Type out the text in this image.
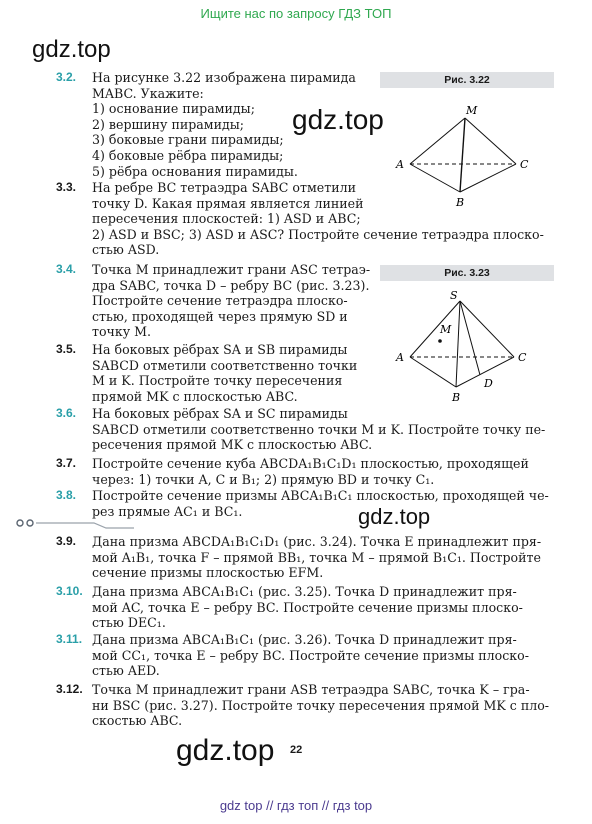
Ищите нас по запросу ГДЗ ТОП
gdz.top
gdz.top
gdz.top
gdz.top
Рис. 3.22
M
A
B
C
Рис. 3.23
S
M
A
B
C
D
3.2. На рисунке 3.22 изображена пирамида
MABC. Укажите:
1) основание пирамиды;
2) вершину пирамиды;
3) боковые грани пирамиды;
4) боковые рёбра пирамиды;
5) рёбра основания пирамиды.
3.3. На ребре BC тетраэдра SABC отметили
точку D. Какая прямая является линией
пересечения плоскостей: 1) ASD и ABC;
2) ASD и BSC; 3) ASD и ASC? Постройте сечение тетраэдра плоско-
стью ASD.
3.4. Точка M принадлежит грани ASC тетраэ-
дра SABC, точка D – ребру BC (рис. 3.23).
Постройте сечение тетраэдра плоско-
стью, проходящей через прямую SD и
точку M.
3.5. На боковых рёбрах SA и SB пирамиды
SABCD отметили соответственно точки
M и K. Постройте точку пересечения
прямой MK с плоскостью ABC.
3.6. На боковых рёбрах SA и SC пирамиды
SABCD отметили соответственно точки M и K. Постройте точку пе-
ресечения прямой MK с плоскостью ABC.
3.7. Постройте сечение куба ABCDA₁B₁C₁D₁ плоскостью, проходящей
через: 1) точки A, C и B₁; 2) прямую BD и точку C₁.
3.8. Постройте сечение призмы ABCA₁B₁C₁ плоскостью, проходящей че-
рез прямые AC₁ и BC₁.
3.9. Дана призма ABCDA₁B₁C₁D₁ (рис. 3.24). Точка E принадлежит пря-
мой A₁B₁, точка F – прямой BB₁, точка M – прямой B₁C₁. Постройте
сечение призмы плоскостью EFM.
3.10. Дана призма ABCA₁B₁C₁ (рис. 3.25). Точка D принадлежит пря-
мой AC, точка E – ребру BC. Постройте сечение призмы плоско-
стью DEC₁.
3.11. Дана призма ABCA₁B₁C₁ (рис. 3.26). Точка D принадлежит пря-
мой CC₁, точка E – ребру BC. Постройте сечение призмы плоско-
стью AED.
3.12. Точка M принадлежит грани ASB тетраэдра SABC, точка K – гра-
ни BSC (рис. 3.27). Постройте точку пересечения прямой MK с пло-
скостью ABC.
22
gdz top // гдз топ // гдз top
